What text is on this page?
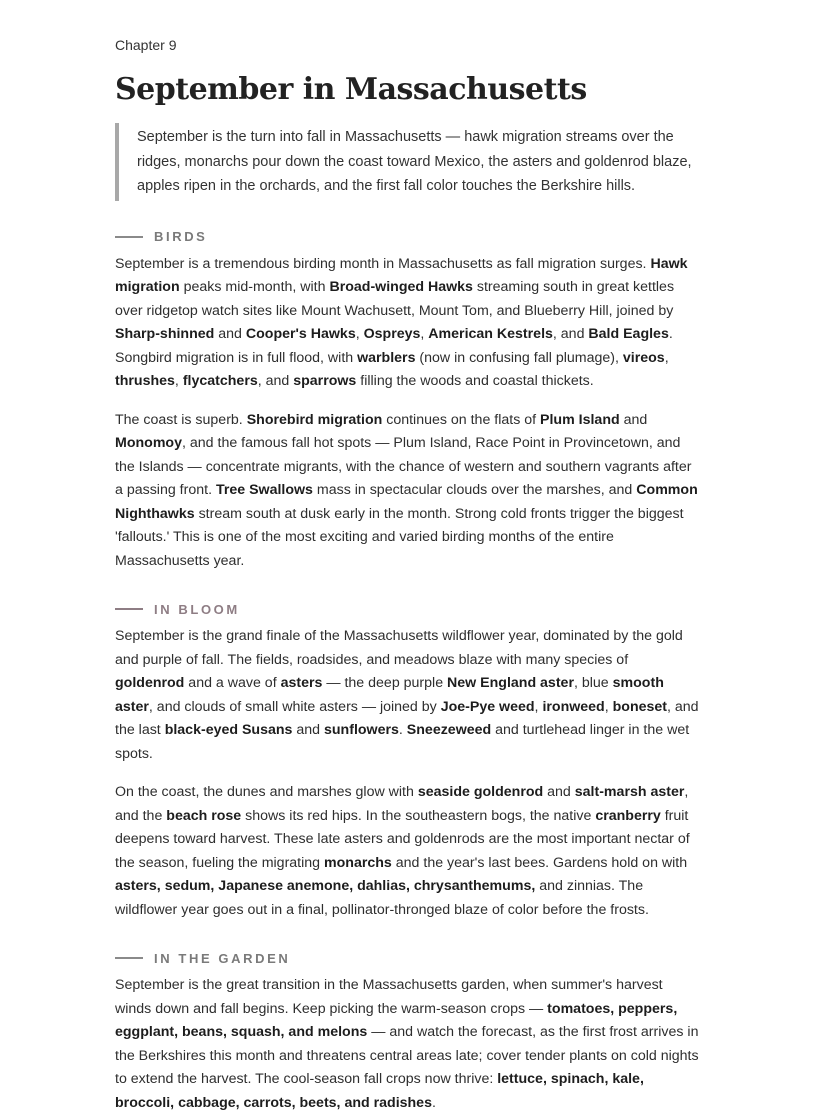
Chapter 9

September in Massachusetts
September is the turn into fall in Massachusetts — hawk migration streams over the ridges, monarchs pour down the coast toward Mexico, the asters and goldenrod blaze, apples ripen in the orchards, and the first fall color touches the Berkshire hills.
BIRDS

September is a tremendous birding month in Massachusetts as fall migration surges. Hawk migration peaks mid-month, with Broad-winged Hawks streaming south in great kettles over ridgetop watch sites like Mount Wachusett, Mount Tom, and Blueberry Hill, joined by Sharp-shinned and Cooper's Hawks, Ospreys, American Kestrels, and Bald Eagles. Songbird migration is in full flood, with warblers (now in confusing fall plumage), vireos, thrushes, flycatchers, and sparrows filling the woods and coastal thickets.

The coast is superb. Shorebird migration continues on the flats of Plum Island and Monomoy, and the famous fall hot spots — Plum Island, Race Point in Provincetown, and the Islands — concentrate migrants, with the chance of western and southern vagrants after a passing front. Tree Swallows mass in spectacular clouds over the marshes, and Common Nighthawks stream south at dusk early in the month. Strong cold fronts trigger the biggest 'fallouts.' This is one of the most exciting and varied birding months of the entire Massachusetts year.

IN BLOOM

September is the grand finale of the Massachusetts wildflower year, dominated by the gold and purple of fall. The fields, roadsides, and meadows blaze with many species of goldenrod and a wave of asters — the deep purple New England aster, blue smooth aster, and clouds of small white asters — joined by Joe-Pye weed, ironweed, boneset, and the last black-eyed Susans and sunflowers. Sneezeweed and turtlehead linger in the wet spots.

On the coast, the dunes and marshes glow with seaside goldenrod and salt-marsh aster, and the beach rose shows its red hips. In the southeastern bogs, the native cranberry fruit deepens toward harvest. These late asters and goldenrods are the most important nectar of the season, fueling the migrating monarchs and the year's last bees. Gardens hold on with asters, sedum, Japanese anemone, dahlias, chrysanthemums, and zinnias. The wildflower year goes out in a final, pollinator-thronged blaze of color before the frosts.

IN THE GARDEN

September is the great transition in the Massachusetts garden, when summer's harvest winds down and fall begins. Keep picking the warm-season crops — tomatoes, peppers, eggplant, beans, squash, and melons — and watch the forecast, as the first frost arrives in the Berkshires this month and threatens central areas late; cover tender plants on cold nights to extend the harvest. The cool-season fall crops now thrive: lettuce, spinach, kale, broccoli, cabbage, carrots, beets, and radishes.
